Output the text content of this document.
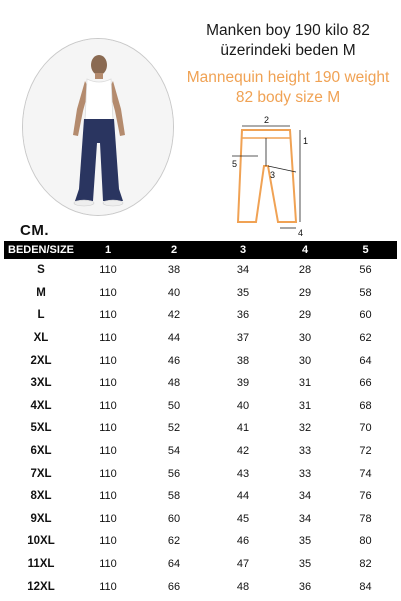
Manken boy 190 kilo 82
üzerindeki beden M
Mannequin height 190 weight
82 body size M
2
1
3
4
5
CM.
BEDEN/SIZE	1	2	3	4	5
S	110	38	34	28	56
M	110	40	35	29	58
L	110	42	36	29	60
XL	110	44	37	30	62
2XL	110	46	38	30	64
3XL	110	48	39	31	66
4XL	110	50	40	31	68
5XL	110	52	41	32	70
6XL	110	54	42	33	72
7XL	110	56	43	33	74
8XL	110	58	44	34	76
9XL	110	60	45	34	78
10XL	110	62	46	35	80
11XL	110	64	47	35	82
12XL	110	66	48	36	84
